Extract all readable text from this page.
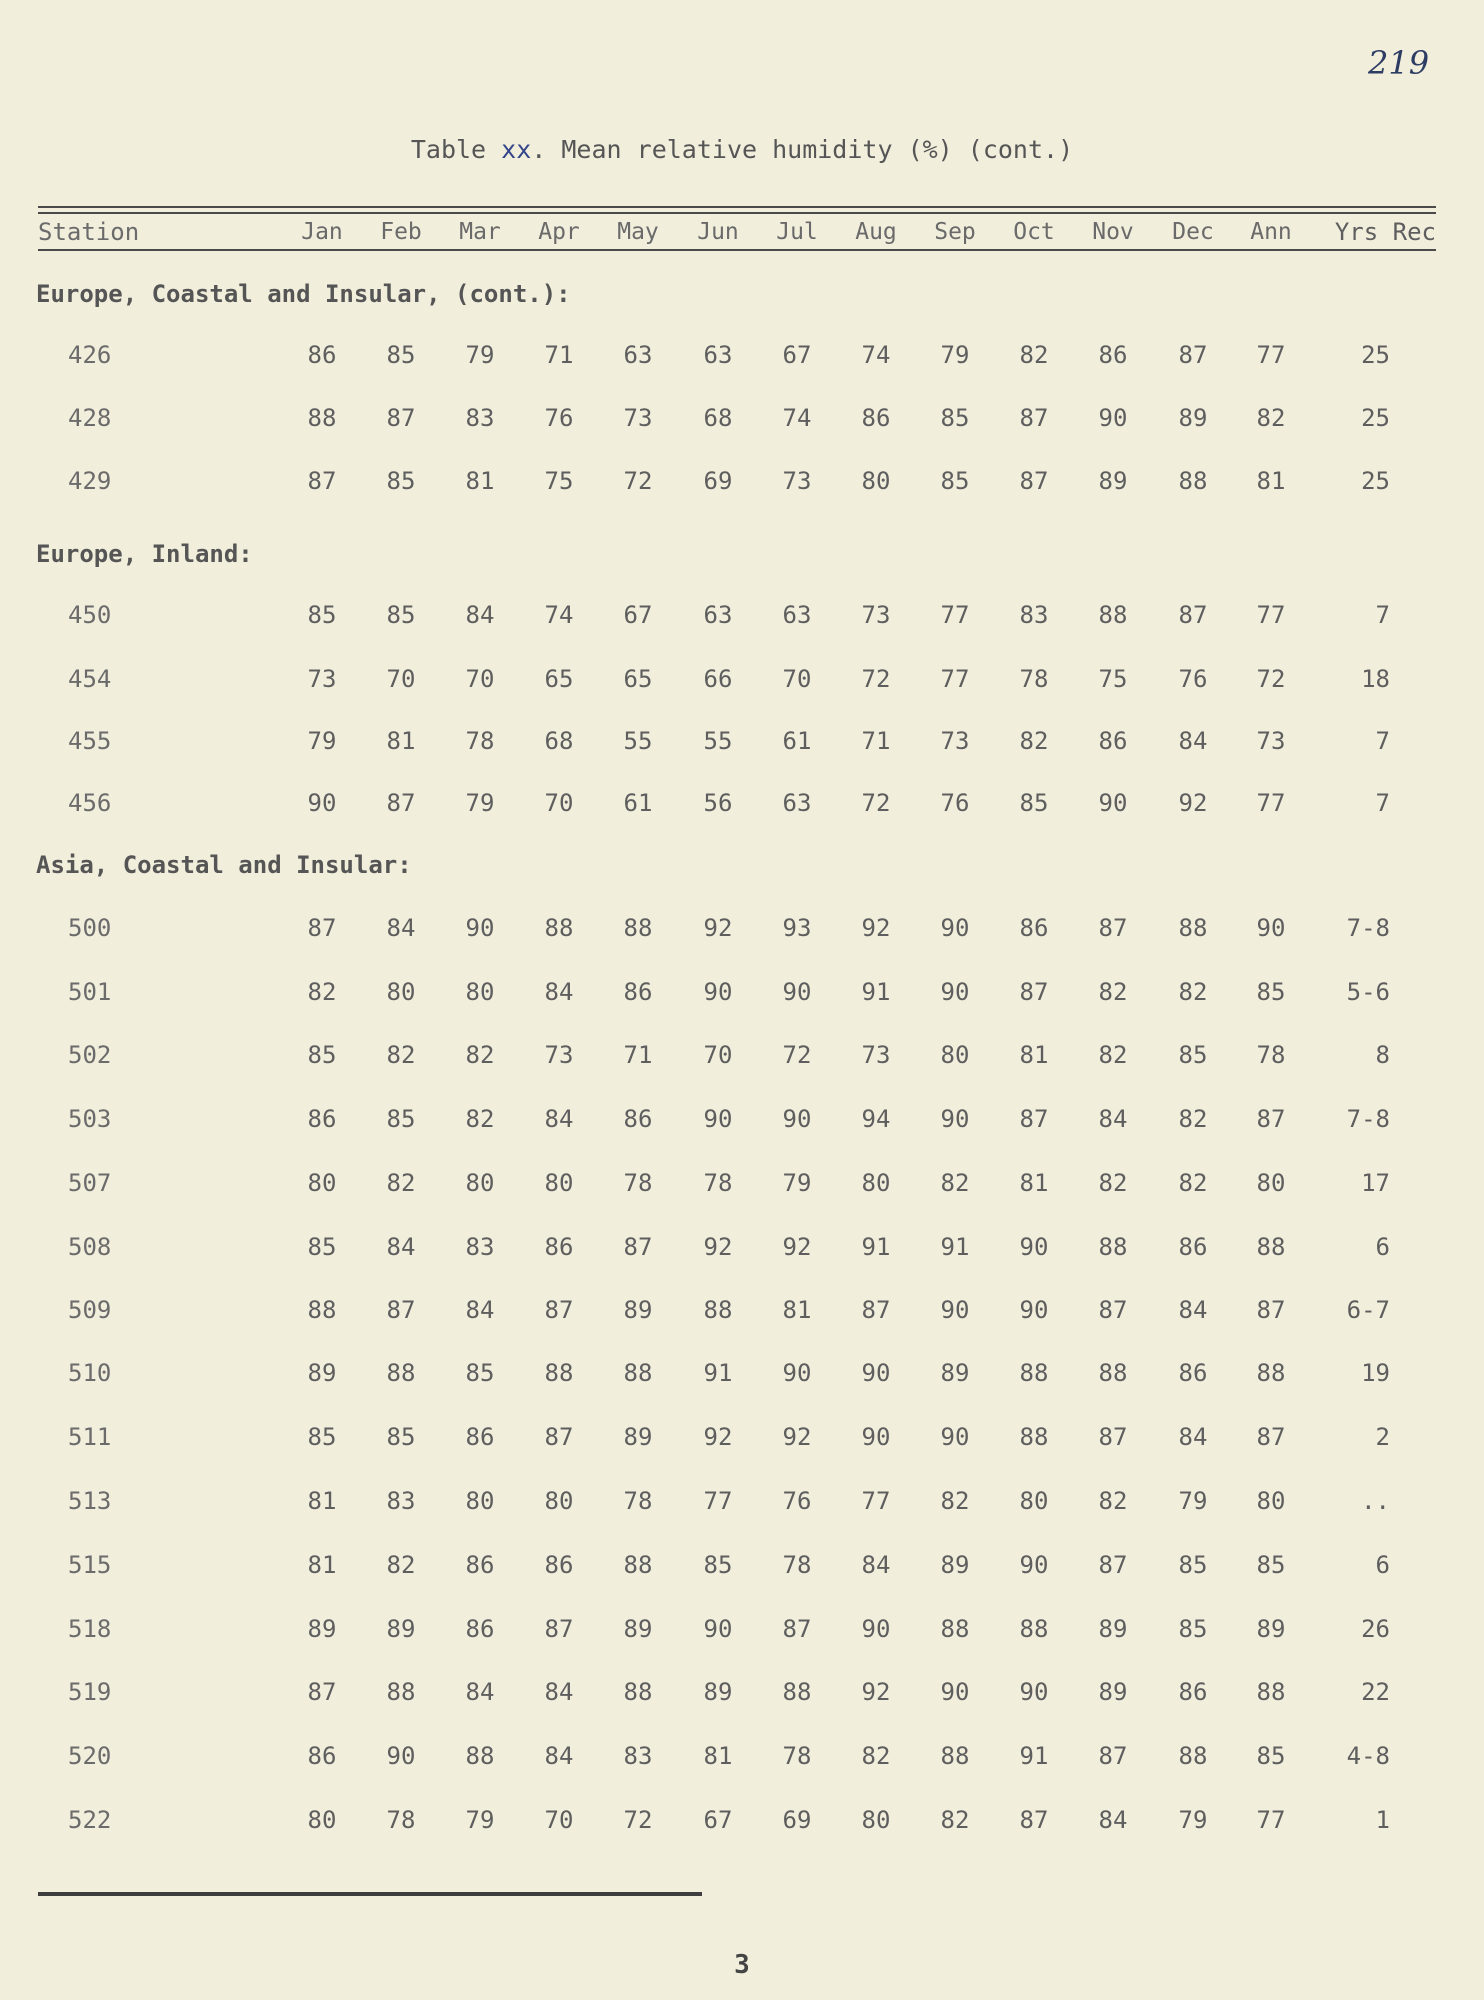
219
Table xx. Mean relative humidity (%) (cont.)
Station	Jan	Feb	Mar	Apr	May	Jun	Jul	Aug	Sep	Oct	Nov	Dec	Ann	Yrs Rec
Europe, Coastal and Insular, (cont.):
426	86	85	79	71	63	63	67	74	79	82	86	87	77	25
428	88	87	83	76	73	68	74	86	85	87	90	89	82	25
429	87	85	81	75	72	69	73	80	85	87	89	88	81	25
Europe, Inland:
450	85	85	84	74	67	63	63	73	77	83	88	87	77	7
454	73	70	70	65	65	66	70	72	77	78	75	76	72	18
455	79	81	78	68	55	55	61	71	73	82	86	84	73	7
456	90	87	79	70	61	56	63	72	76	85	90	92	77	7
Asia, Coastal and Insular:
500	87	84	90	88	88	92	93	92	90	86	87	88	90	7-8
501	82	80	80	84	86	90	90	91	90	87	82	82	85	5-6
502	85	82	82	73	71	70	72	73	80	81	82	85	78	8
503	86	85	82	84	86	90	90	94	90	87	84	82	87	7-8
507	80	82	80	80	78	78	79	80	82	81	82	82	80	17
508	85	84	83	86	87	92	92	91	91	90	88	86	88	6
509	88	87	84	87	89	88	81	87	90	90	87	84	87	6-7
510	89	88	85	88	88	91	90	90	89	88	88	86	88	19
511	85	85	86	87	89	92	92	90	90	88	87	84	87	2
513	81	83	80	80	78	77	76	77	82	80	82	79	80	..
515	81	82	86	86	88	85	78	84	89	90	87	85	85	6
518	89	89	86	87	89	90	87	90	88	88	89	85	89	26
519	87	88	84	84	88	89	88	92	90	90	89	86	88	22
520	86	90	88	84	83	81	78	82	88	91	87	88	85	4-8
522	80	78	79	70	72	67	69	80	82	87	84	79	77	1
3
